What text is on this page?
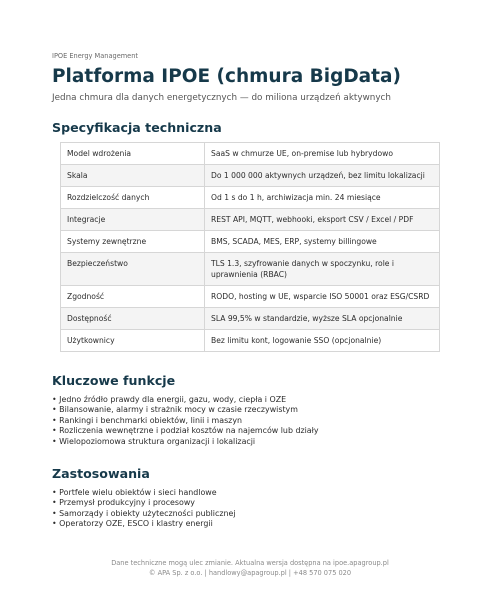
IPOE Energy Management
Platforma IPOE (chmura BigData)
Jedna chmura dla danych energetycznych — do miliona urządzeń aktywnych
Specyfikacja techniczna
Model wdrożenia	SaaS w chmurze UE, on-premise lub hybrydowo
Skala	Do 1 000 000 aktywnych urządzeń, bez limitu lokalizacji
Rozdzielczość danych	Od 1 s do 1 h, archiwizacja min. 24 miesiące
Integracje	REST API, MQTT, webhooki, eksport CSV / Excel / PDF
Systemy zewnętrzne	BMS, SCADA, MES, ERP, systemy billingowe
Bezpieczeństwo	TLS 1.3, szyfrowanie danych w spoczynku, role i uprawnienia (RBAC)
Zgodność	RODO, hosting w UE, wsparcie ISO 50001 oraz ESG/CSRD
Dostępność	SLA 99,5% w standardzie, wyższe SLA opcjonalnie
Użytkownicy	Bez limitu kont, logowanie SSO (opcjonalnie)
Kluczowe funkcje
• Jedno źródło prawdy dla energii, gazu, wody, ciepła i OZE
• Bilansowanie, alarmy i strażnik mocy w czasie rzeczywistym
• Rankingi i benchmarki obiektów, linii i maszyn
• Rozliczenia wewnętrzne i podział kosztów na najemców lub działy
• Wielopoziomowa struktura organizacji i lokalizacji
Zastosowania
• Portfele wielu obiektów i sieci handlowe
• Przemysł produkcyjny i procesowy
• Samorządy i obiekty użyteczności publicznej
• Operatorzy OZE, ESCO i klastry energii
Dane techniczne mogą ulec zmianie. Aktualna wersja dostępna na ipoe.apagroup.pl
© APA Sp. z o.o. | handlowy@apagroup.pl | +48 570 075 020
